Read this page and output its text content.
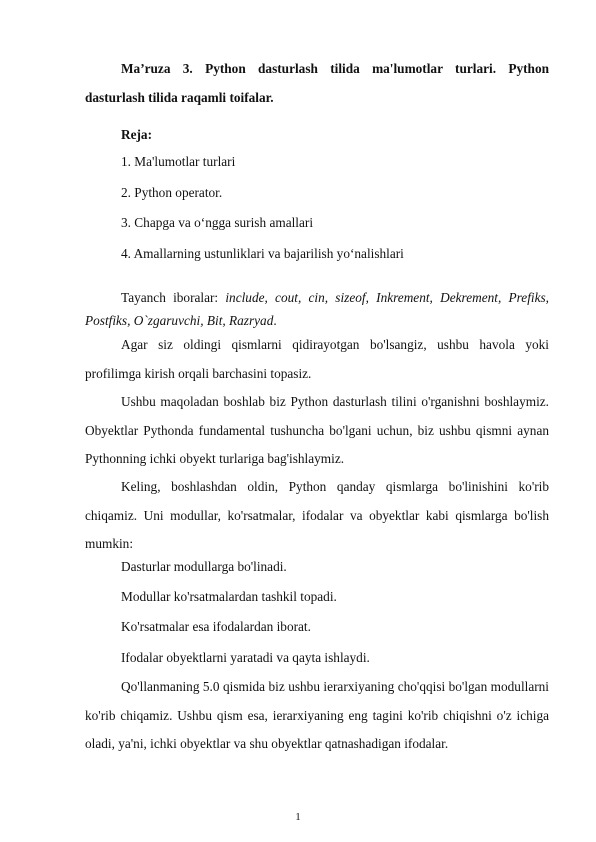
Ma’ruza 3. Python dasturlash tilida ma'lumotlar turlari. Python dasturlash tilida raqamli toifalar.

Reja:

1. Ma'lumotlar turlari

2. Python operator.

3. Chapga va o‘ngga surish amallari

4. Amallarning ustunliklari va bajarilish yo‘nalishlari

Tayanch iboralar: include, cout, cin, sizeof, Inkrement, Dekrement, Prefiks, Postfiks, O`zgaruvchi, Bit, Razryad.

Agar siz oldingi qismlarni qidirayotgan bo'lsangiz, ushbu havola yoki profilimga kirish orqali barchasini topasiz.

Ushbu maqoladan boshlab biz Python dasturlash tilini o'rganishni boshlaymiz. Obyektlar Pythonda fundamental tushuncha bo'lgani uchun, biz ushbu qismni aynan Pythonning ichki obyekt turlariga bag'ishlaymiz.

Keling, boshlashdan oldin, Python qanday qismlarga bo'linishini ko'rib chiqamiz. Uni modullar, ko'rsatmalar, ifodalar va obyektlar kabi qismlarga bo'lish mumkin:

Dasturlar modullarga bo'linadi.

Modullar ko'rsatmalardan tashkil topadi.

Ko'rsatmalar esa ifodalardan iborat.

Ifodalar obyektlarni yaratadi va qayta ishlaydi.

Qo'llanmaning 5.0 qismida biz ushbu ierarxiyaning cho'qqisi bo'lgan modullarni ko'rib chiqamiz. Ushbu qism esa, ierarxiyaning eng tagini ko'rib chiqishni o'z ichiga oladi, ya'ni, ichki obyektlar va shu obyektlar qatnashadigan ifodalar.

1
